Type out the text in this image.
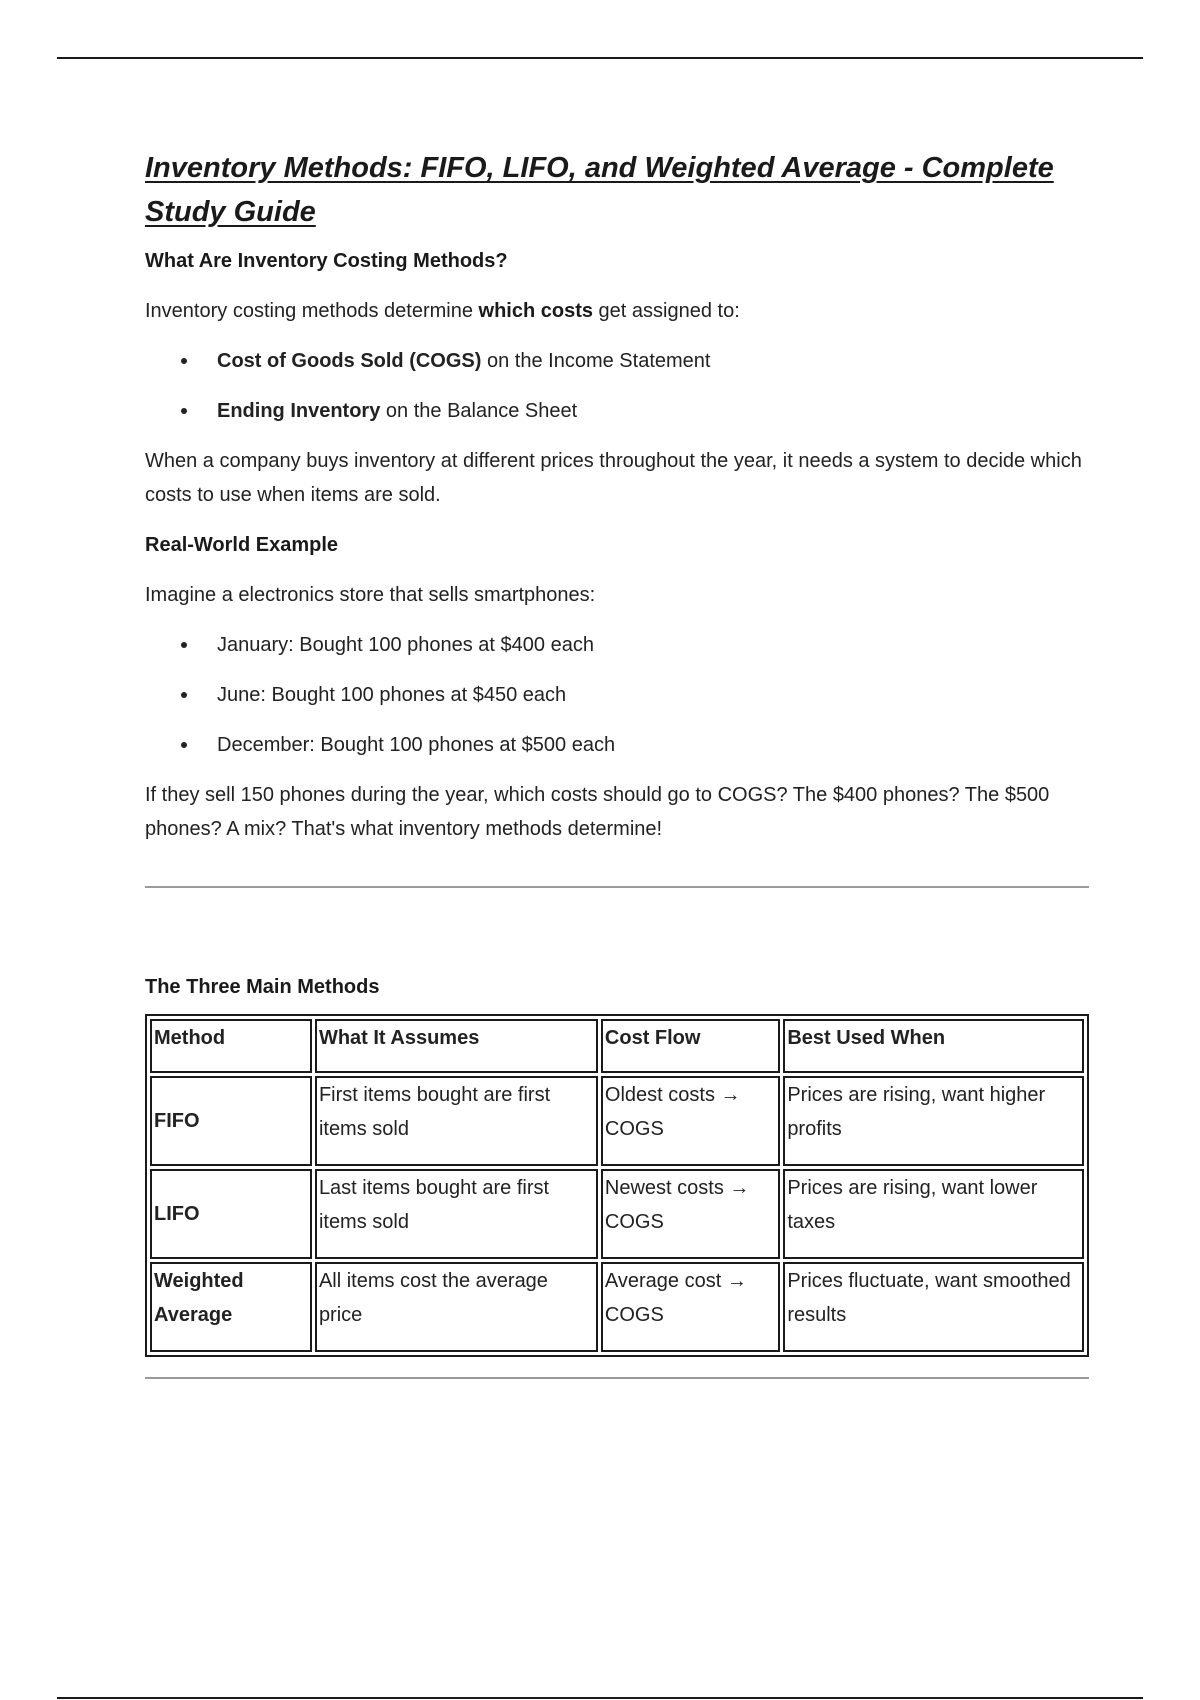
Inventory Methods: FIFO, LIFO, and Weighted Average - Complete Study Guide
What Are Inventory Costing Methods?

Inventory costing methods determine which costs get assigned to:

Cost of Goods Sold (COGS) on the Income Statement
Ending Inventory on the Balance Sheet

When a company buys inventory at different prices throughout the year, it needs a system to decide which costs to use when items are sold.

Real-World Example

Imagine a electronics store that sells smartphones:

January: Bought 100 phones at $400 each
June: Bought 100 phones at $450 each
December: Bought 100 phones at $500 each

If they sell 150 phones during the year, which costs should go to COGS? The $400 phones? The $500 phones? A mix? That's what inventory methods determine!

The Three Main Methods
Method	What It Assumes	Cost Flow	Best Used When
FIFO	First items bought are first items sold	Oldest costs → COGS	Prices are rising, want higher profits
LIFO	Last items bought are first items sold	Newest costs → COGS	Prices are rising, want lower taxes
Weighted Average	All items cost the average price	Average cost → COGS	Prices fluctuate, want smoothed results
